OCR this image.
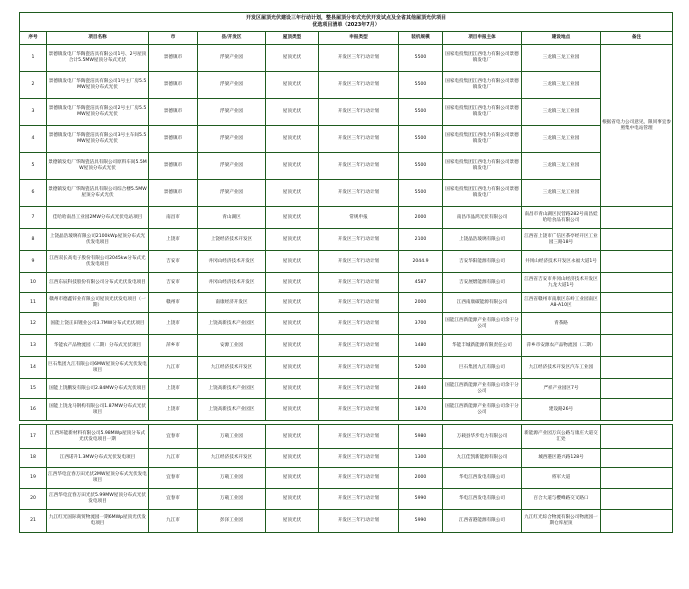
开发区屋顶光伏建设三年行动计划，整县屋顶分布式光伏开发试点及全省其他屋顶光伏项目
优选项目清单（2023年7月）									

序号	项目名称	市	县/开发区	屋顶类型	申报类型	装机规模	项目申报主体	建设地点	备注
1	景德镇发电厂华陶瓷洁具有限公司1号、2号屋顶合计5.5MW屋顶分布式光伏	景德镇市	浮梁产业园	屋顶光伏	开发区三年行动计划	5500	国家电投集团江西电力有限公司景德镇发电厂	三龙镇三龙工业园	根据省电力公司意见，限同事宜参照集中电站管理
2	景德镇发电厂华陶瓷洁具有限公司1号主厂房5.5MW屋顶分布式光伏	景德镇市	浮梁产业园	屋顶光伏	开发区三年行动计划	5500	国家电投集团江西电力有限公司景德镇发电厂	三龙镇三龙工业园	
3	景德镇发电厂华陶瓷洁具有限公司2号主厂房5.5MW屋顶分布式光伏	景德镇市	浮梁产业园	屋顶光伏	开发区三年行动计划	5500	国家电投集团江西电力有限公司景德镇发电厂	三龙镇三龙工业园	
4	景德镇发电厂华陶瓷洁具有限公司3号主车间5.5MW屋顶分布式光伏	景德镇市	浮梁产业园	屋顶光伏	开发区三年行动计划	5500	国家电投集团江西电力有限公司景德镇发电厂	三龙镇三龙工业园	
5	景德镇发电厂华陶瓷洁具有限公司原料车间5.5MW屋顶分布式光伏	景德镇市	浮梁产业园	屋顶光伏	开发区三年行动计划	5500	国家电投集团江西电力有限公司景德镇发电厂	三龙镇三龙工业园	
6	景德镇发电厂华陶瓷洁具有限公司综合楼5.5MW屋顶分布式光伏	景德镇市	浮梁产业园	屋顶光伏	开发区三年行动计划	5500	国家电投集团江西电力有限公司景德镇发电厂	三龙镇三龙工业园	
7	佳哈哈南昌工业园2MW分布式光伏电站项目	南昌市	青山湖区	屋顶光伏	常规申报	2000	南昌市晶鸿光伏有限公司	南昌市青山湖区民营路282号南昌娃哈哈食品有限公司	
8	上饶晶浩玻璃有限公司2100kWp屋顶分布式光伏发电项目	上饶市	上饶经济技术开发区	屋顶光伏	开发区三年行动计划	2100	上饶晶浩玻璃有限公司	江西省上饶市广信区茶亭经开区工业园三路18号	
9	江西双长高电子股份有限公司2045kw分布式光伏发电项目	吉安市	井冈山经济技术开发区	屋顶光伏	开发区三年行动计划	2044.9	吉安华阳能源有限公司	井冈山经济技术开发区永福大道1号	
10	江西东辰科技股份有限公司分布式光伏发电项目	吉安市	井冈山经济技术开发区	屋顶光伏	开发区三年行动计划	4587	吉安展熠能源有限公司	江西省吉安市井冈山经济技术开发区九龙大道1号	
11	赣州市德鑫锌业有限公司屋顶光伏发电项目（一期）	赣州市	南康经济开发区	屋顶光伏	开发区三年行动计划	2000	江西南康碳能源有限公司	江西省赣州市南康区东岭工业园南区A8-A10区	
12	国能上饶正田锂业公司3.7MW分布式光伏项目	上饶市	上饶高新技术产业园区	屋顶光伏	开发区三年行动计划	3700	国能江西新能源产业有限公司余干分公司	青茶路	
13	华能农产品物流园（二期）分布式光伏项目	萍乡市	安源工业园	屋顶光伏	开发区三年行动计划	1480	华能丰城新能源有限责任公司	萍乡市安源农产品物流园（二期）	
14	巨石集团九江有限公司6MW屋顶分布式光伏发电项目	九江市	九江经济技术开发区	屋顶光伏	开发区三年行动计划	5200	巨石集团九江有限公司	九江经济技术开发区汽车工业园	
15	国能上饶鹏发有限公司2.84MW分布式光伏项目	上饶市	上饶高新技术产业园区	屋顶光伏	开发区三年行动计划	2840	国能江西新能源产业有限公司余干分公司	严祥产业园区7号	
16	国能上饶龙马钢构有限公司1.87MW分布式光伏项目	上饶市	上饶高新技术产业园区	屋顶光伏	开发区三年行动计划	1870	国能江西新能源产业有限公司余干分公司	建设路26号	
17	江西环能新材料有限公司5.98MWp屋顶分布式光伏发电项目一期	宜春市	万载工业园	屋顶光伏	开发区三年行动计划	5980	万载县华步电力有限公司	新能源产业园万宾公路与康庄大道交汇处	
18	江西诺升1.3MW分布式光伏发电项目	九江市	九江经济技术开发区	屋顶光伏	开发区三年行动计划	1300	九江佳凯新能源有限公司	城西港区港兴路128号	
19	江西华电宜春万田光伏2MW屋顶分布式光伏发电项目	宜春市	万载工业园	屋顶光伏	开发区三年行动计划	2000	华电江西发电有限公司	将军大道	
20	江西华电宜春万田光伏5.99MW屋顶分布式光伏发电项目	宜春市	万载工业园	屋顶光伏	开发区三年行动计划	5990	华电江西发电有限公司	百合大道与樱峰路交叉路口	
21	九江红光国际商贸物流园一期6MWp屋顶光伏发电项目	九江市	彭泽工业园	屋顶光伏	开发区三年行动计划	5990	江西省港能源有限公司	九江红光综合物流有限公司物流园一期仓库屋顶	
